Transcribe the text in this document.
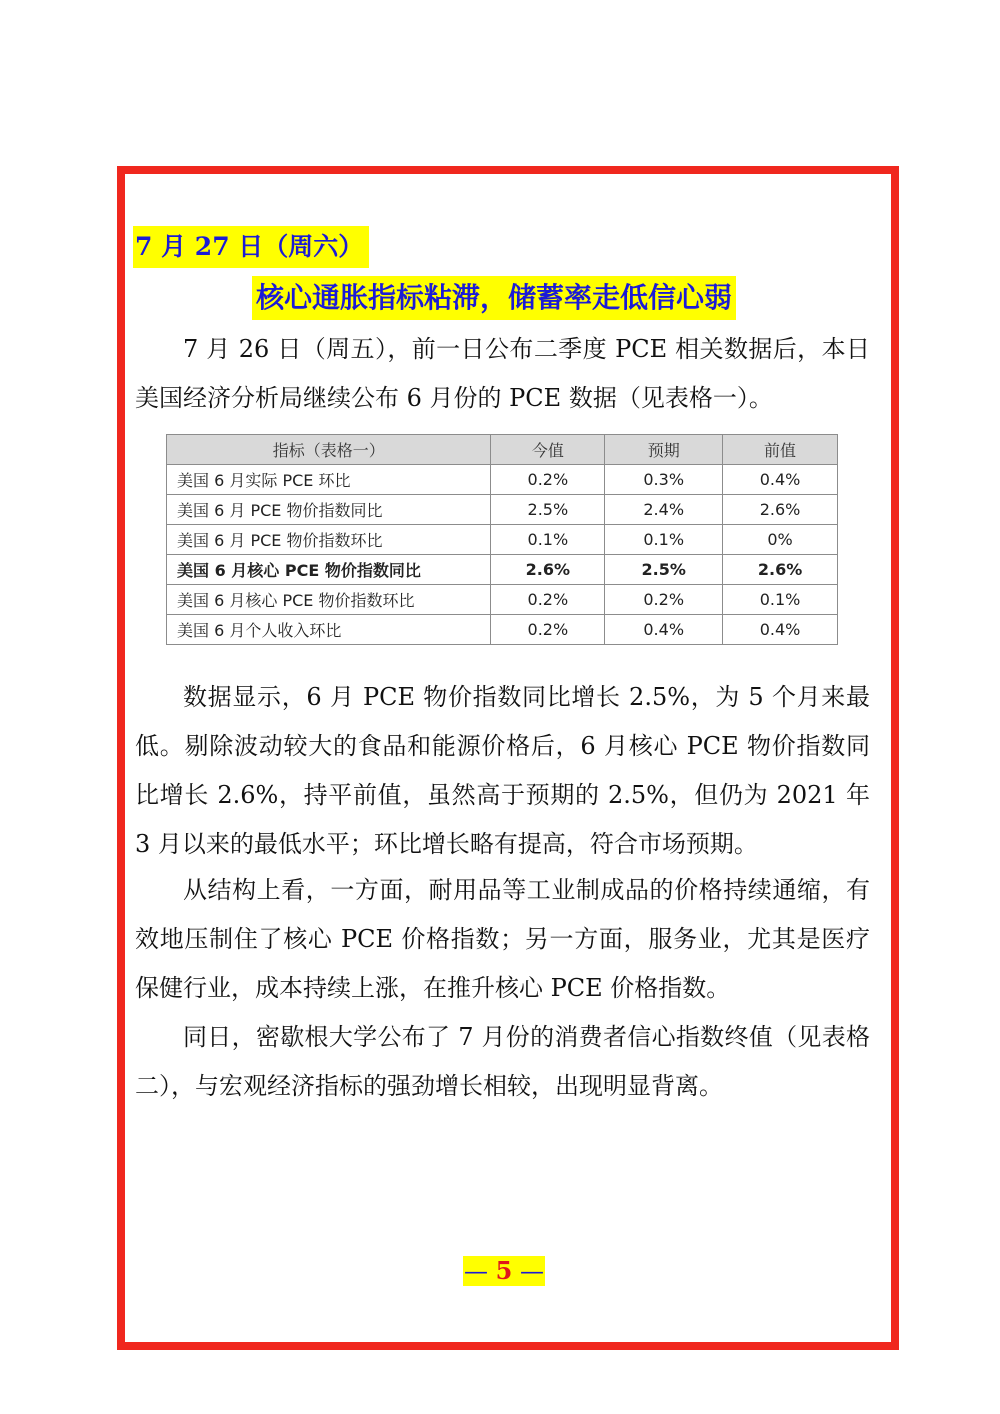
7 月 27 日（周六）
核心通胀指标粘滞，储蓄率走低信心弱

7 月 26 日（周五），前一日公布二季度 PCE 相关数据后，本日美国经济分析局继续公布 6 月份的 PCE 数据（见表格一）。

指标（表格一）	今值	预期	前值
美国 6 月实际 PCE 环比	0.2%	0.3%	0.4%
美国 6 月 PCE 物价指数同比	2.5%	2.4%	2.6%
美国 6 月 PCE 物价指数环比	0.1%	0.1%	0%
美国 6 月核心 PCE 物价指数同比	2.6%	2.5%	2.6%
美国 6 月核心 PCE 物价指数环比	0.2%	0.2%	0.1%
美国 6 月个人收入环比	0.2%	0.4%	0.4%

数据显示，6 月 PCE 物价指数同比增长 2.5%，为 5 个月来最低。剔除波动较大的食品和能源价格后，6 月核心 PCE 物价指数同比增长 2.6%，持平前值，虽然高于预期的 2.5%，但仍为 2021 年 3 月以来的最低水平；环比增长略有提高，符合市场预期。

从结构上看，一方面，耐用品等工业制成品的价格持续通缩，有效地压制住了核心 PCE 价格指数；另一方面，服务业，尤其是医疗保健行业，成本持续上涨，在推升核心 PCE 价格指数。

同日，密歇根大学公布了 7 月份的消费者信心指数终值（见表格二），与宏观经济指标的强劲增长相较，出现明显背离。

— 5 —
